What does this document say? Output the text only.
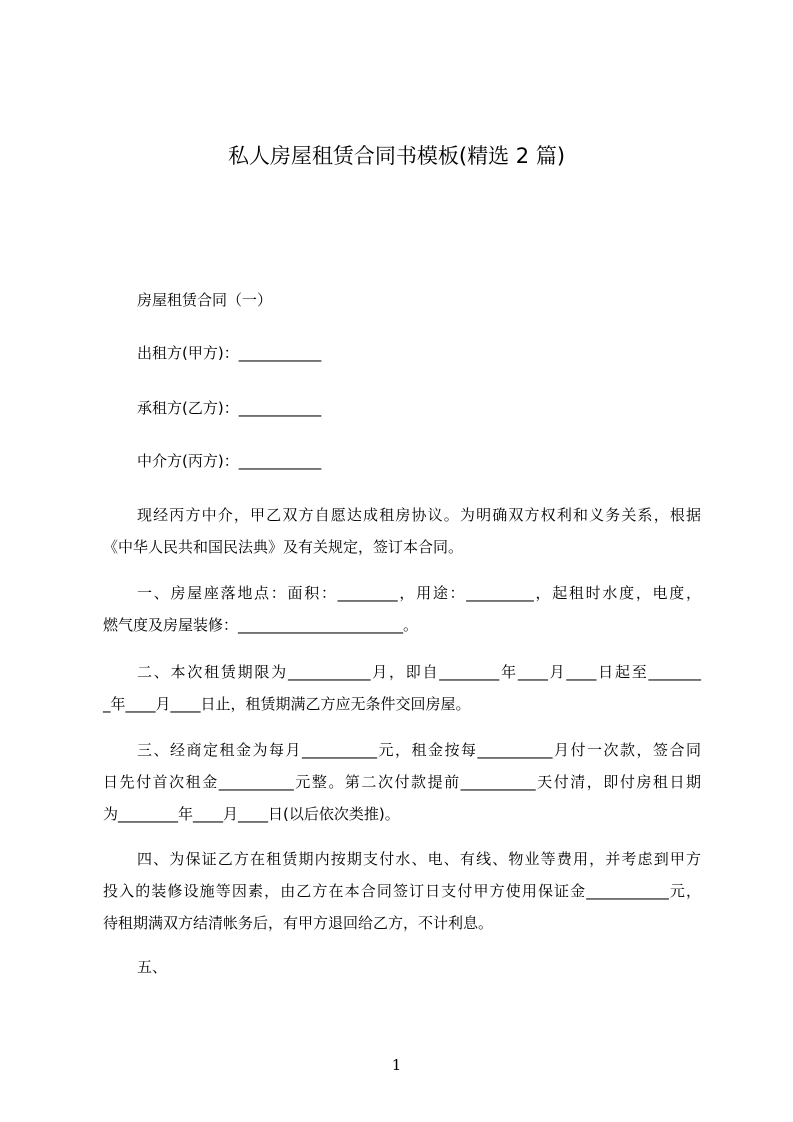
私人房屋租赁合同书模板(精选 2 篇)
房屋租赁合同（一）
出租方(甲方)：___________
承租方(乙方)：___________
中介方(丙方)：___________
现经丙方中介，甲乙双方自愿达成租房协议。为明确双方权利和义务关系，根据
《中华人民共和国民法典》及有关规定，签订本合同。
一、房屋座落地点：面积：________，用途：_________，起租时水度，电度，
燃气度及房屋装修：______________________。
二、本次租赁期限为___________月，即自________年____月____日起至_______
_年____月____日止，租赁期满乙方应无条件交回房屋。
三、经商定租金为每月__________元，租金按每__________月付一次款，签合同
日先付首次租金__________元整。第二次付款提前__________天付清，即付房租日期
为________年____月____日(以后依次类推)。
四、为保证乙方在租赁期内按期支付水、电、有线、物业等费用，并考虑到甲方
投入的装修设施等因素，由乙方在本合同签订日支付甲方使用保证金___________元，
待租期满双方结清帐务后，有甲方退回给乙方，不计利息。
五、
1
